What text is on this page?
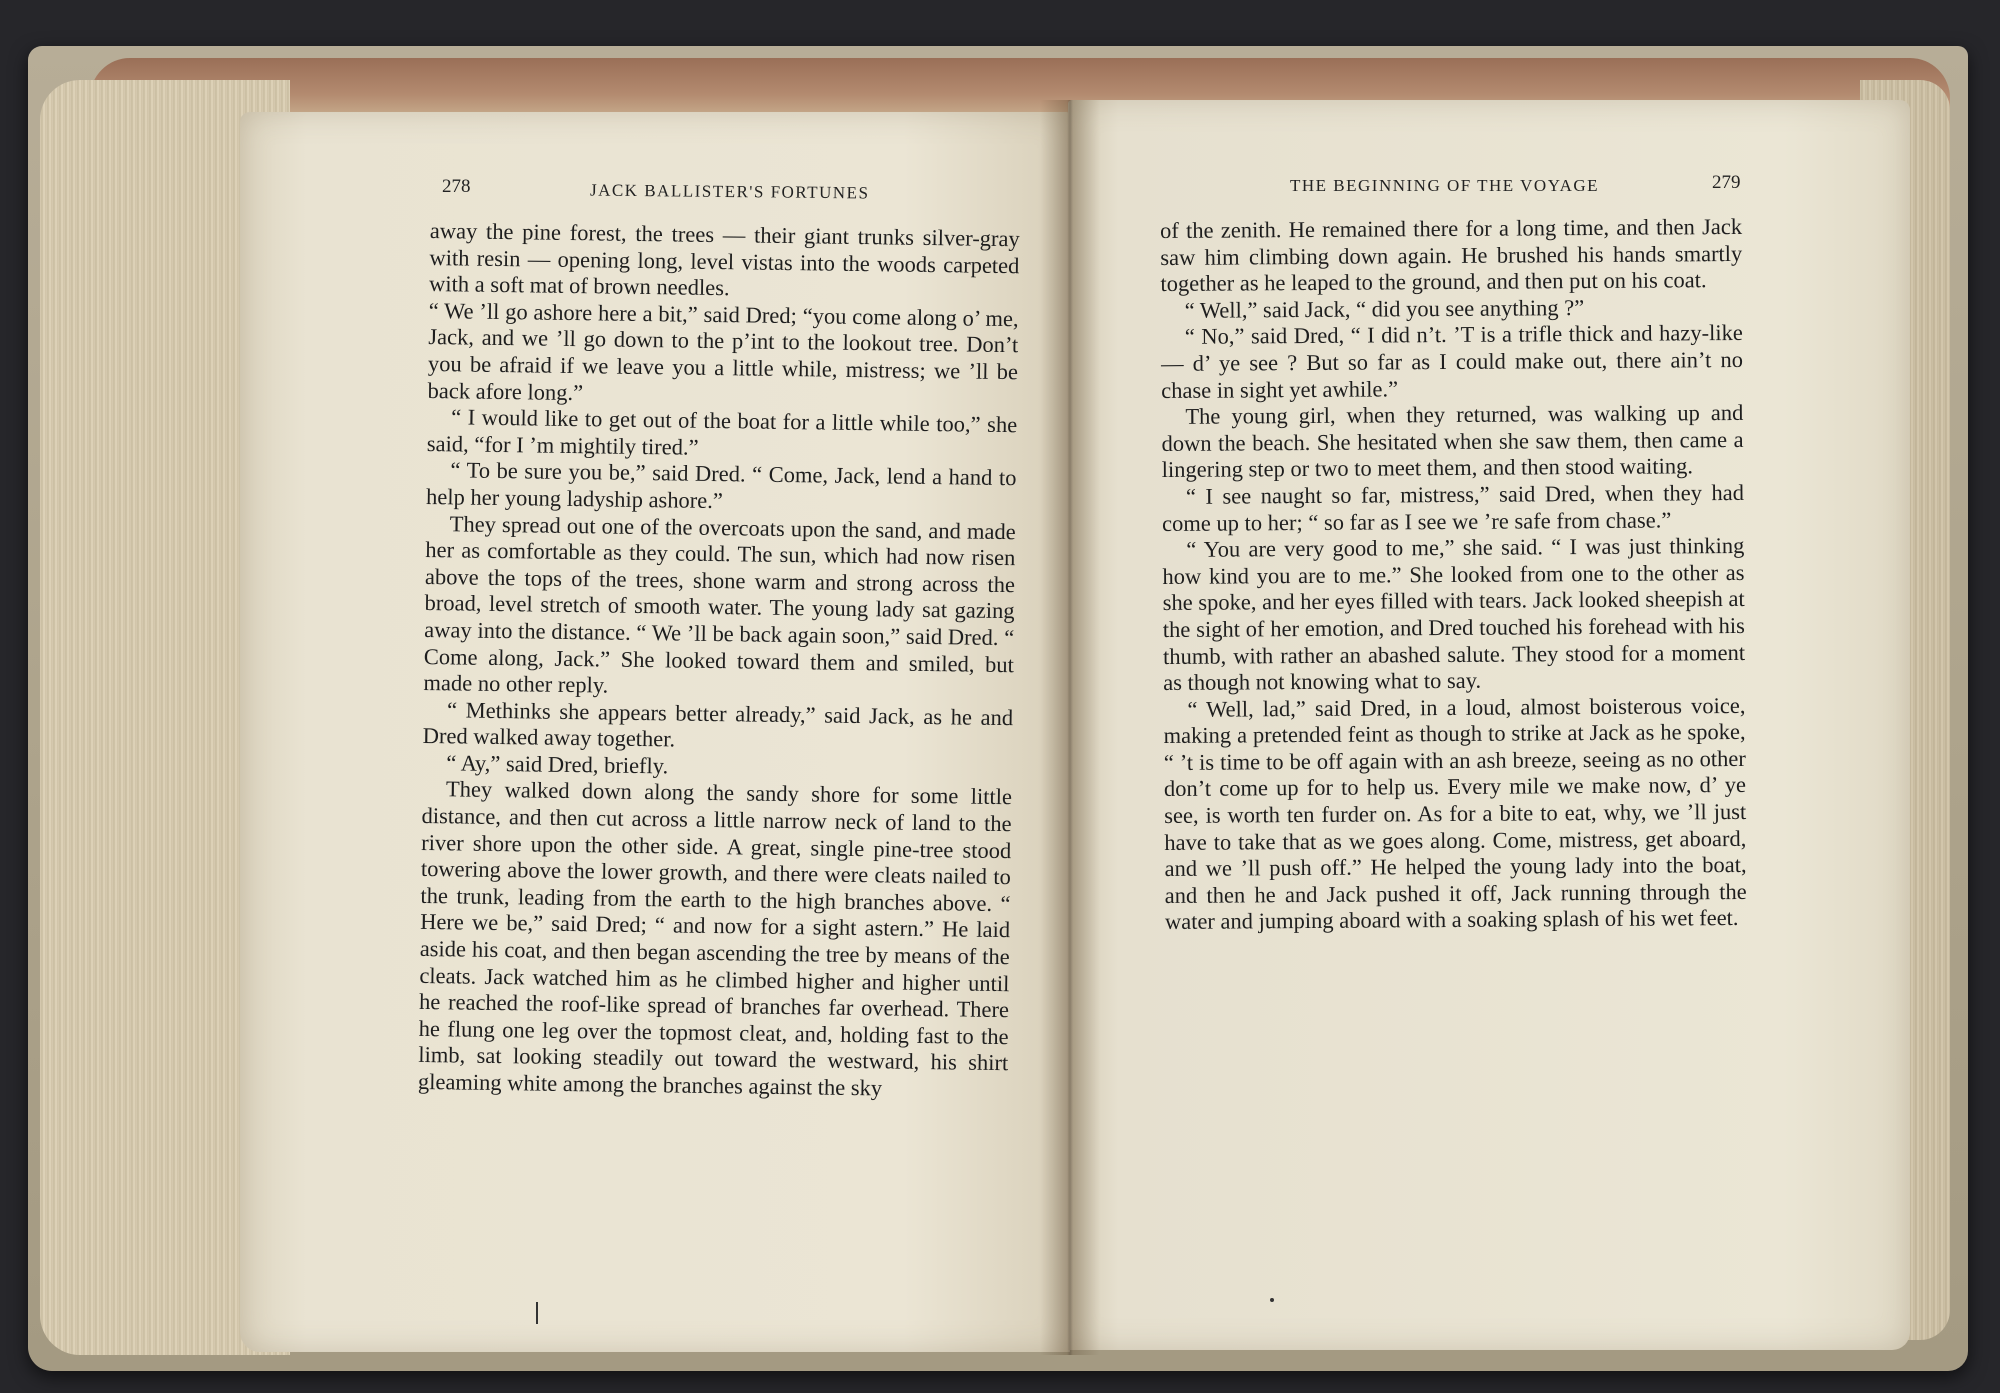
278	JACK BALLISTER'S FORTUNES	THE BEGINNING OF THE VOYAGE	279

away the pine forest, the trees — their giant trunks silver-gray with resin — opening long, level vistas into the woods carpeted with a soft mat of brown needles.

“ We ’ll go ashore here a bit,” said Dred; “you come along o’ me, Jack, and we ’ll go down to the p’int to the lookout tree. Don’t you be afraid if we leave you a little while, mistress; we ’ll be back afore long.”

“ I would like to get out of the boat for a little while too,” she said, “for I ’m mightily tired.”

“ To be sure you be,” said Dred. “ Come, Jack, lend a hand to help her young ladyship ashore.”

They spread out one of the overcoats upon the sand, and made her as comfortable as they could. The sun, which had now risen above the tops of the trees, shone warm and strong across the broad, level stretch of smooth water. The young lady sat gazing away into the distance. “ We ’ll be back again soon,” said Dred. “ Come along, Jack.” She looked toward them and smiled, but made no other reply.

“ Methinks she appears better already,” said Jack, as he and Dred walked away together.

“ Ay,” said Dred, briefly.

They walked down along the sandy shore for some little distance, and then cut across a little narrow neck of land to the river shore upon the other side. A great, single pine-tree stood towering above the lower growth, and there were cleats nailed to the trunk, leading from the earth to the high branches above. “ Here we be,” said Dred; “ and now for a sight astern.” He laid aside his coat, and then began ascending the tree by means of the cleats. Jack watched him as he climbed higher and higher until he reached the roof-like spread of branches far overhead. There he flung one leg over the topmost cleat, and, holding fast to the limb, sat looking steadily out toward the westward, his shirt gleaming white among the branches against the sky

of the zenith. He remained there for a long time, and then Jack saw him climbing down again. He brushed his hands smartly together as he leaped to the ground, and then put on his coat.

“ Well,” said Jack, “ did you see anything ?”

“ No,” said Dred, “ I did n’t. ’T is a trifle thick and hazy-like — d’ ye see ? But so far as I could make out, there ain’t no chase in sight yet awhile.”

The young girl, when they returned, was walking up and down the beach. She hesitated when she saw them, then came a lingering step or two to meet them, and then stood waiting.

“ I see naught so far, mistress,” said Dred, when they had come up to her; “ so far as I see we ’re safe from chase.”

“ You are very good to me,” she said. “ I was just thinking how kind you are to me.” She looked from one to the other as she spoke, and her eyes filled with tears. Jack looked sheepish at the sight of her emotion, and Dred touched his forehead with his thumb, with rather an abashed salute. They stood for a moment as though not knowing what to say.

“ Well, lad,” said Dred, in a loud, almost boisterous voice, making a pretended feint as though to strike at Jack as he spoke, “ ’t is time to be off again with an ash breeze, seeing as no other don’t come up for to help us. Every mile we make now, d’ ye see, is worth ten furder on. As for a bite to eat, why, we ’ll just have to take that as we goes along. Come, mistress, get aboard, and we ’ll push off.” He helped the young lady into the boat, and then he and Jack pushed it off, Jack running through the water and jumping aboard with a soaking splash of his wet feet.
